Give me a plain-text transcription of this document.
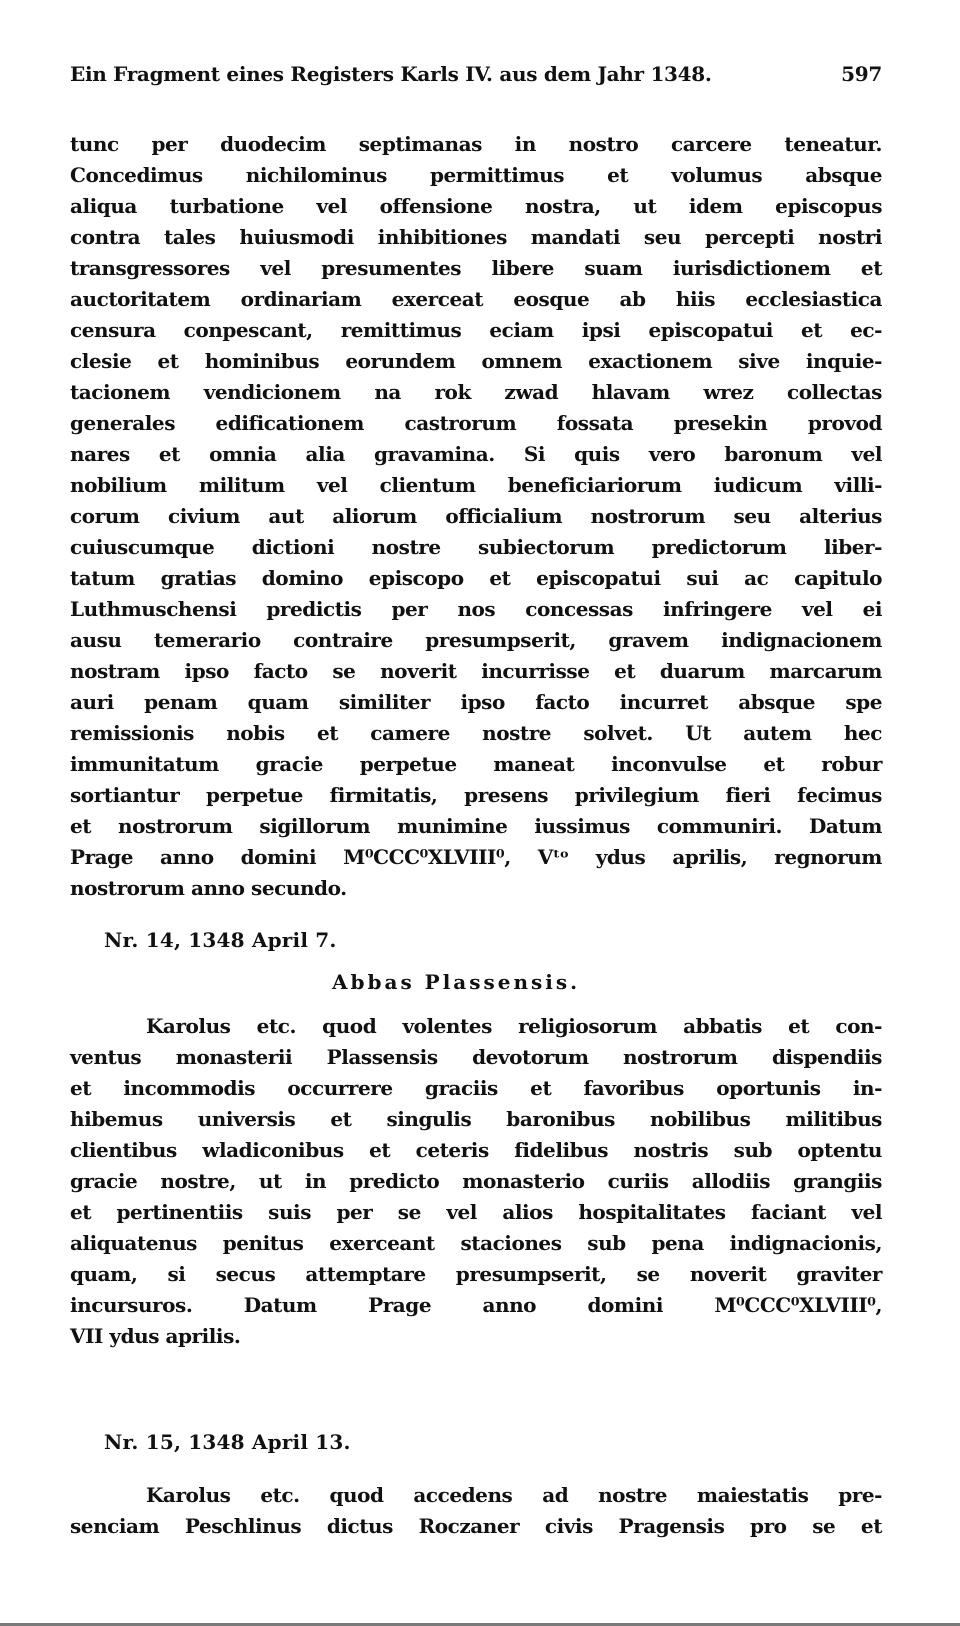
Ein Fragment eines Registers Karls IV. aus dem Jahr 1348.	597
tunc per duodecim septimanas in nostro carcere teneatur.
Concedimus nichilominus permittimus et volumus absque
aliqua turbatione vel offensione nostra, ut idem episcopus
contra tales huiusmodi inhibitiones mandati seu percepti nostri
transgressores vel presumentes libere suam iurisdictionem et
auctoritatem ordinariam exerceat eosque ab hiis ecclesiastica
censura conpescant, remittimus eciam ipsi episcopatui et ec-
clesie et hominibus eorundem omnem exactionem sive inquie-
tacionem vendicionem na rok zwad hlavam wrez collectas
generales edificationem castrorum fossata presekin provod
nares et omnia alia gravamina. Si quis vero baronum vel
nobilium militum vel clientum beneficiariorum iudicum villi-
corum civium aut aliorum officialium nostrorum seu alterius
cuiuscumque dictioni nostre subiectorum predictorum liber-
tatum gratias domino episcopo et episcopatui sui ac capitulo
Luthmuschensi predictis per nos concessas infringere vel ei
ausu temerario contraire presumpserit, gravem indignacionem
nostram ipso facto se noverit incurrisse et duarum marcarum
auri penam quam similiter ipso facto incurret absque spe
remissionis nobis et camere nostre solvet. Ut autem hec
immunitatum gracie perpetue maneat inconvulse et robur
sortiantur perpetue firmitatis, presens privilegium fieri fecimus
et nostrorum sigillorum munimine iussimus communiri. Datum
Prage anno domini M⁰CCC⁰XLVIII⁰, Vᵗᵒ ydus aprilis, regnorum
nostrorum anno secundo.
Nr. 14, 1348 April 7.
Abbas Plassensis.
Karolus etc. quod volentes religiosorum abbatis et con-
ventus monasterii Plassensis devotorum nostrorum dispendiis
et incommodis occurrere graciis et favoribus oportunis in-
hibemus universis et singulis baronibus nobilibus militibus
clientibus wladiconibus et ceteris fidelibus nostris sub optentu
gracie nostre, ut in predicto monasterio curiis allodiis grangiis
et pertinentiis suis per se vel alios hospitalitates faciant vel
aliquatenus penitus exerceant staciones sub pena indignacionis,
quam, si secus attemptare presumpserit, se noverit graviter
incursuros. Datum Prage anno domini M⁰CCC⁰XLVIII⁰,
VII ydus aprilis.
Nr. 15, 1348 April 13.
Karolus etc. quod accedens ad nostre maiestatis pre-
senciam Peschlinus dictus Roczaner civis Pragensis pro se et
